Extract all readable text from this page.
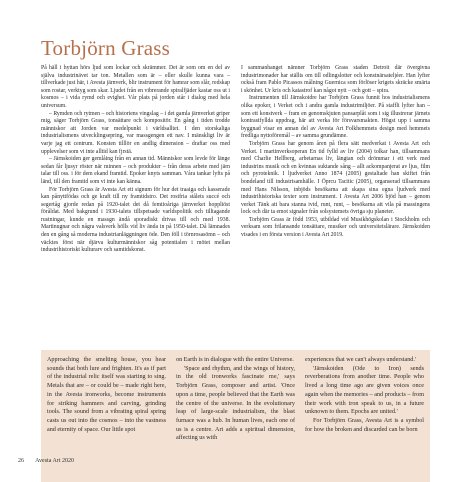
Torbjörn Grass

På häll i hyttan hörs ljud som lockar och skrämmer. Det är som om en del av själva industrinävet tar ton. Metallen som är – eller skulle kunna vara – tillverkade just här, i Avesta järnverk, blir instrument för hamrar som slår, redskap som rostar, verktyg som skar. Ljudet från en vibrerande spiralfjäder kastar oss ut i kosmos – i vida rymd och evighet. Vår plats på jorden står i dialog med hela universum.

– Rymden och rytmen – och historiens vingslag – i det gamla järnverket griper mig, säger Torbjörn Grass, tonsättare och kompositör. En gång i tiden trodde människor att Jorden var medelpunkt i världsalltet. I den storskaliga industrialismens utvecklingsepring, var massgengen ett nav. I mänskligt liv är varje jag ett centrum. Konsten tilllör en andlig dimension – draftar oss med upplevelser som vi inte alltid kan fjrstä.

– Järnskoiden ger gemlåing från en annan tid. Människor som levde för länge sedan får ljusyr röster när minnen – och produkter – från deras arbete med järn talar till oss. i för dem ekand framtid. Epoker knyts samman. Våra tankar lyfts på länd, till den framtid som vi inte kan känna.

För Torbjörn Grass är Avesta Art ett signum för hur det traaiga och kasserade kan pånyttfödas och ge kraft till ny framtidstro. Det rostfria stålets succé och segertåg gjorde redan på 1920-talet det då femtioåriga järnverket hoppliöst föråldat. Med bakgrund i 1930-talets tillspetsade varldspolitik och tilltagande rustningar, kunde en massgn ändå sporadiskt drivas till och med 1938. Martinugnar och några valsverk hölls vid liv ända in på 1950-talet. Då lämnades den en gång så moderna industrianläggningen öde. Den föll i törnrosasömn – och väcktes först när djärva kulturmänniskor såg potentialen i mötet mellan industrihistoriskt kulturarv och samtidskonst.

I sammanhanget nämner Torbjörn Grass staden Detroit där övergivna industrimonader har ställts om till odlingslotter och konstnärsateljéer. Han lyfter också fram Pablo Picassos målning Guernica som förlöser krigets skräcke smärta i skönhet. Ur kris och katastrof kan något nytt – och gott – spira.

Instrumenten till Järnskoidre har Torbjörn Grass funnit hos industrialismens olika epoker, i Verket och i andra gamla industrimiljöer. På staffli lyfter han – som ett konstverk – fram en genomskjuten pansarplåt som i sig illustrerar järnets kontrastfyllda uppdrag, här att verka för försvarsmakten. Högst upp i samma byggnad visar en annan del av Avesta Art Folkhemmets design med hemmets fredliga nyttoföremål – av samma grundämne.

Torbjörn Grass har genom åren på flera sätt medverkat i Avesta Art och Verket. I martinverksoperan En tid fylld av liv (2004) tolkar han, tillsammans med Charlie Hellberg, arbetarnas liv, längtan och drömmar i ett verk med industrins musik och en kvinnas suktande sång – allt ackompanjerat av ljus, film och pyroteknik. I ljudverket Anno 1874 (2005) gestaltade han skiftet från bondeland till industrisamhälle. I Öprcu Tacitic (2005), organserad tillsammans med Hans Nilsson, inbjöds besökarna att skapa sina egna ljudverk med industrihistoriska texter som instrument. I Avesta Art 2006 bjöd han – genom verket Tänk att bara stanna ivid, runt, runt, – besökarna att vila på massingens lock och där ta emot signaler från solsystemets övriga sju planeter.

Torbjörn Grass är född 1953, utbildad vid Musikhögskolan i Stockholm och verksam som frilansande tonsättare, musiker och universitetslärare. Järnskoiden visades i en första version i Avesta Art 2019.

Approaching the smelting house, you hear sounds that both lure and frighten. It's as if part of the industrial relic itself was starting to sing. Metals that are – or could be – made right here, in the Avesta ironworks, become instruments for striking hammers and carving, grinding tools. The sound from a vibrating spiral spring casts us out into the cosmos – into the vastness and eternity of space. Our little spot

on Earth is in dialogue with the entire Universe.

'Space and rhythm, and the wings of history, in the old ironworks fascinate me,' says Torbjörn Grass, composer and artist. 'Once upon a time, people believed that the Earth was the centre of the universe. In the evolutionary leap of large-scale industrialism, the blast furnace was a hub. In human lives, each one of us is a centre. Art adds a spiritual dimension, affecting us with

experiences that we can't always understand.'

'Järnskoiden (Ode to Iron) sends reverberations from another time. People who lived a long time ago are given voices once again when the memories – and products – from their work with iron speak to us, in a future unknown to them. Epochs are united.'

For Torbjörn Grass, Avesta Art is a symbol for how the broken and discarded can be born

26 Avesta Art 2020
